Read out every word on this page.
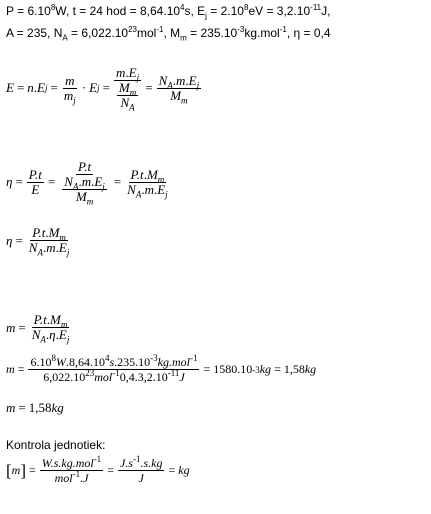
$P = 6.10^8W$, t = 24 hod = $8,64.10^4s$, $E_j = 2.10^8eV = 3,2.10^{-11}J$,
A = 235, $N_A = 6,022.10^{23}mol^{-1}$, $M_m = 235.10^{-3}kg.mol^{-1}$, η = 0,4
E = n . E $j = \frac{m}{m_j} \cdot E$ $j = \frac{m.E_j}{\frac{M_m}{N_A}} = \frac{N_A.m.E_j}{M_m}$
$\eta = \frac{P.t}{E} = \frac{P.t}{\frac{N_A.m.E_j}{M_m}} = \frac{P.t.M_m}{N_A.m.E_j}$
$\eta = \frac{P.t.M_m}{N_A.m.E_j}$
$m = \frac{P.t.M_m}{N_A.\eta.E_j}$
$m = \frac{6.10^8W.8,64.10^4s.235.10^{-3}kg.mol^{-1}}{6,022.10^{23}mol^{-1}0,4.3,2.10^{-11}J} = 1580.10$ -3 kg = 1,58 kg
m = 1,58 kg
Kontrola jednotiek:
[ m ] = $\frac{W.s.kg.mol^{-1}}{mol^{-1}.J} = \frac{J.s^{-1}.s.kg}{J}$ = kg
